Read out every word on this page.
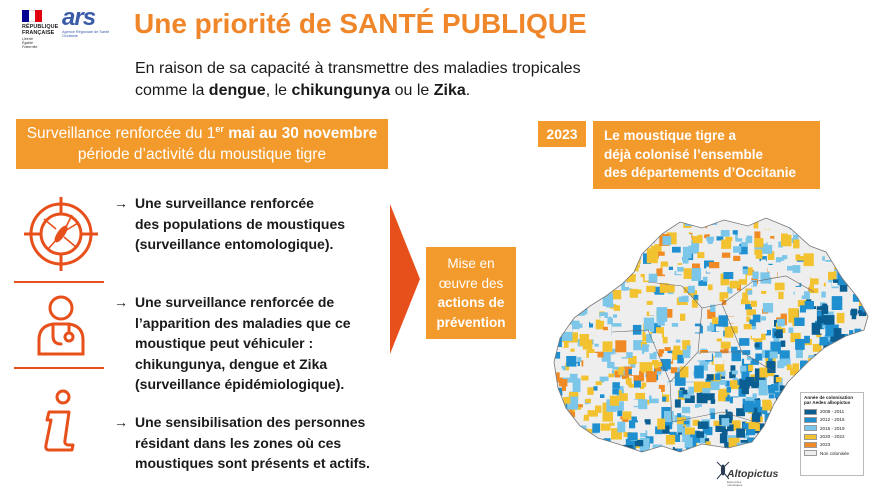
RÉPUBLIQUE
FRANÇAISE
Liberté
Égalité
Fraternité
ars
Agence Régionale de Santé
Occitanie	Une priorité de SANTÉ PUBLIQUE
En raison de sa capacité à transmettre des maladies tropicales
comme la dengue, le chikungunya ou le Zika.
Surveillance renforcée du 1er mai au 30 novembre
période d’activité du moustique tigre
→ Une surveillance renforcée
des populations de moustiques
(surveillance entomologique).
→ Une surveillance renforcée de
l’apparition des maladies que ce
moustique peut véhiculer :
chikungunya, dengue et Zika
(surveillance épidémiologique).
→ Une sensibilisation des personnes
résidant dans les zones où ces
moustiques sont présents et actifs.
Mise en
œuvre des
actions de
prévention
2023	Le moustique tigre a
déjà colonisé l’ensemble
des départements d’Occitanie
Année de colonisation
par Aedes albopictus
2008 - 2011
2012 - 2015
2016 - 2019
2020 - 2022
2023
Non colonisée
Altopictus
Expert des
moustiques
